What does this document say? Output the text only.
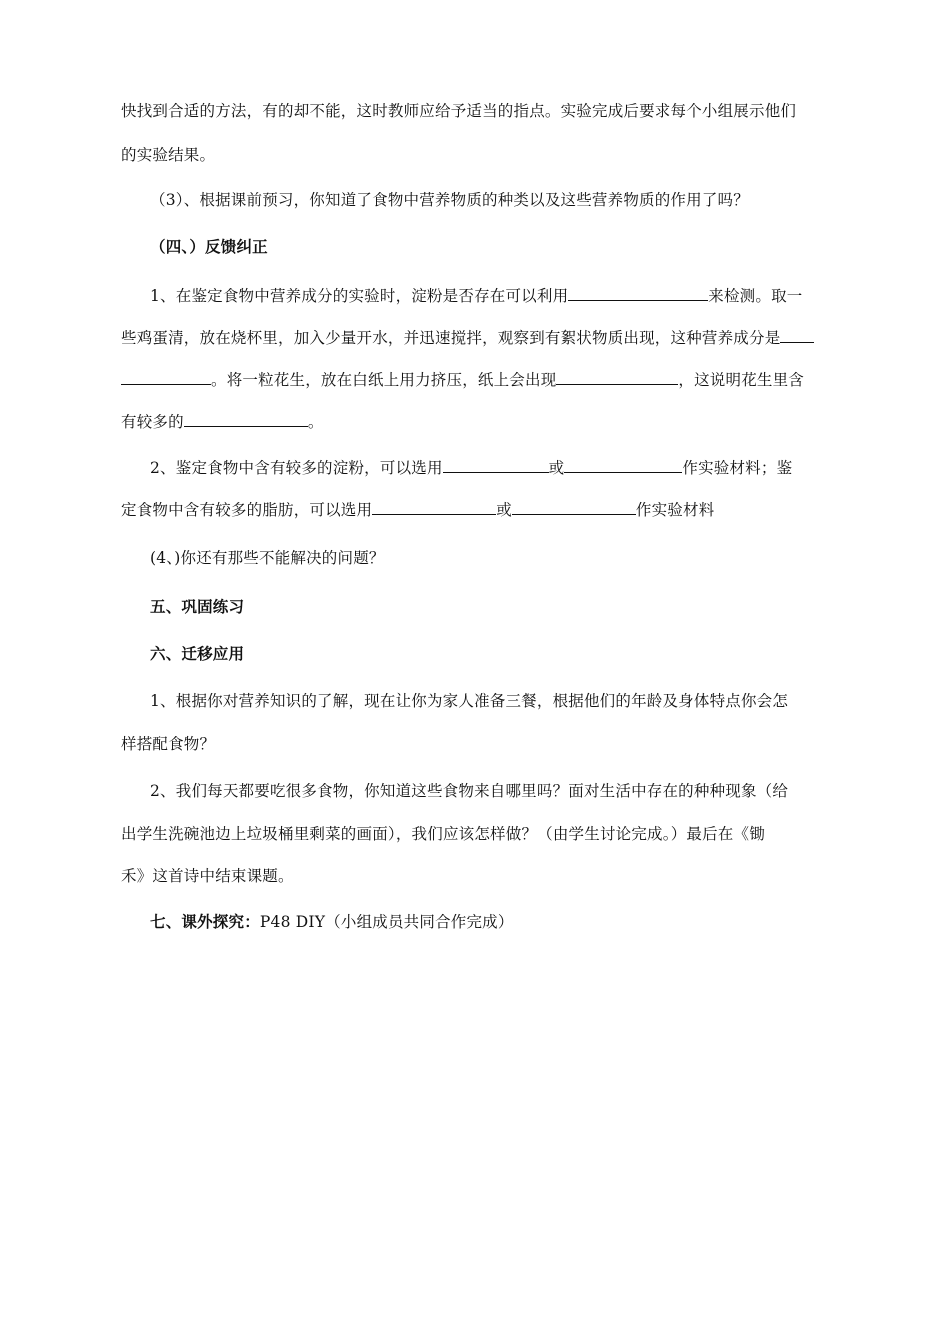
快找到合适的方法，有的却不能，这时教师应给予适当的指点。实验完成后要求每个小组展示他们
的实验结果。
（3）、根据课前预习，你知道了食物中营养物质的种类以及这些营养物质的作用了吗？
（四、）反馈纠正
1、在鉴定食物中营养成分的实验时，淀粉是否存在可以利用	来检测。取一
些鸡蛋清，放在烧杯里，加入少量开水，并迅速搅拌，观察到有絮状物质出现，这种营养成分是
。将一粒花生，放在白纸上用力挤压，纸上会出现	，这说明花生里含
有较多的	。
2、鉴定食物中含有较多的淀粉，可以选用	或	作实验材料；鉴
定食物中含有较多的脂肪，可以选用	或	作实验材料
(4、)你还有那些不能解决的问题？
五、巩固练习
六、迁移应用
1、根据你对营养知识的了解，现在让你为家人准备三餐，根据他们的年龄及身体特点你会怎
样搭配食物？
2、我们每天都要吃很多食物，你知道这些食物来自哪里吗？面对生活中存在的种种现象（给
出学生洗碗池边上垃圾桶里剩菜的画面），我们应该怎样做？（由学生讨论完成。）最后在《锄
禾》这首诗中结束课题。
七、课外探究：P48 DIY（小组成员共同合作完成）
